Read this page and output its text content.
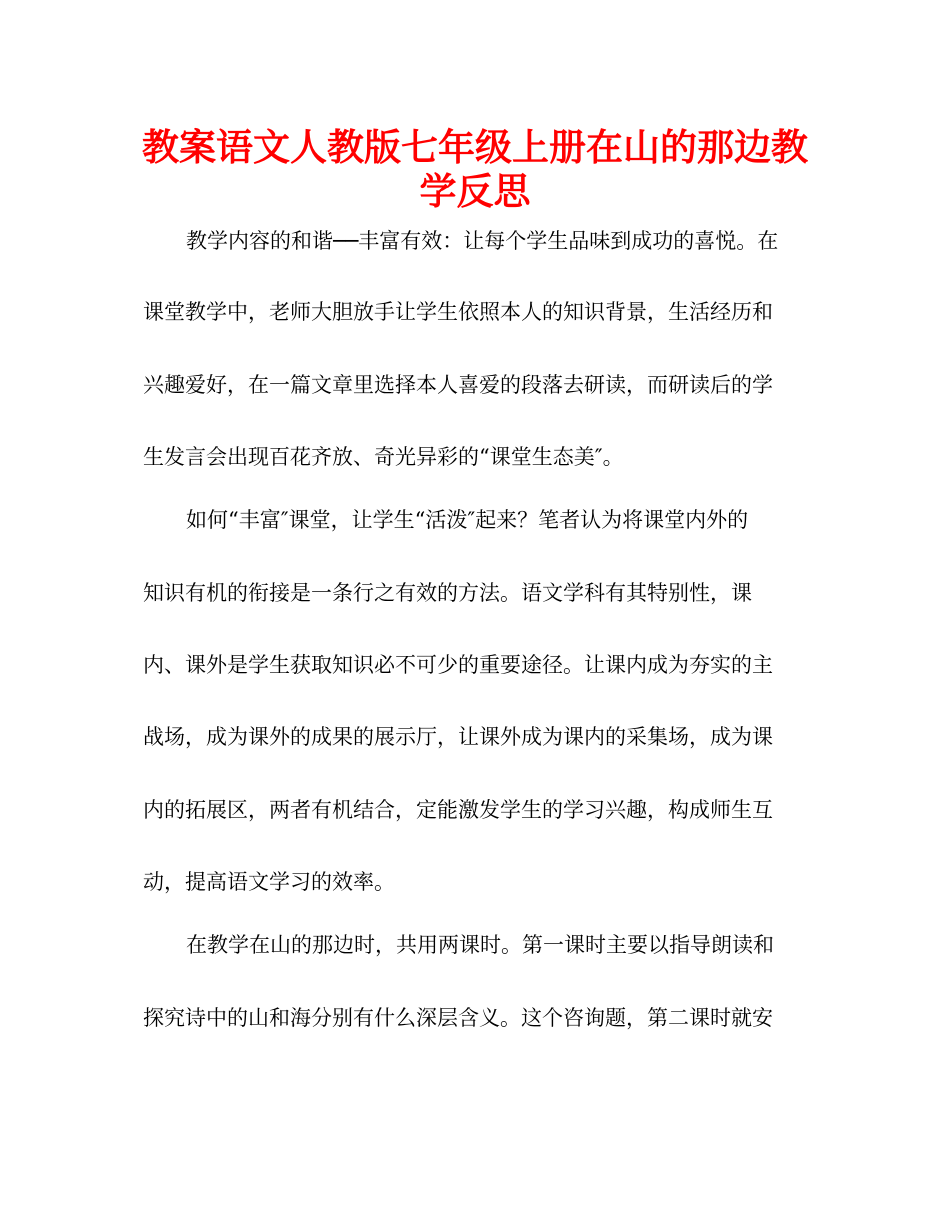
教案语文人教版七年级上册在山的那边教
学反思

教学内容的和谐──丰富有效：让每个学生品味到成功的喜悦。在

课堂教学中，老师大胆放手让学生依照本人的知识背景，生活经历和

兴趣爱好，在一篇文章里选择本人喜爱的段落去研读，而研读后的学

生发言会出现百花齐放、奇光异彩的“课堂生态美″。

如何“丰富″课堂，让学生“活泼″起来？笔者认为将课堂内外的

知识有机的衔接是一条行之有效的方法。语文学科有其特别性，课

内、课外是学生获取知识必不可少的重要途径。让课内成为夯实的主

战场，成为课外的成果的展示厅，让课外成为课内的采集场，成为课

内的拓展区，两者有机结合，定能激发学生的学习兴趣，构成师生互

动，提高语文学习的效率。

在教学在山的那边时，共用两课时。第一课时主要以指导朗读和

探究诗中的山和海分别有什么深层含义。这个咨询题，第二课时就安
